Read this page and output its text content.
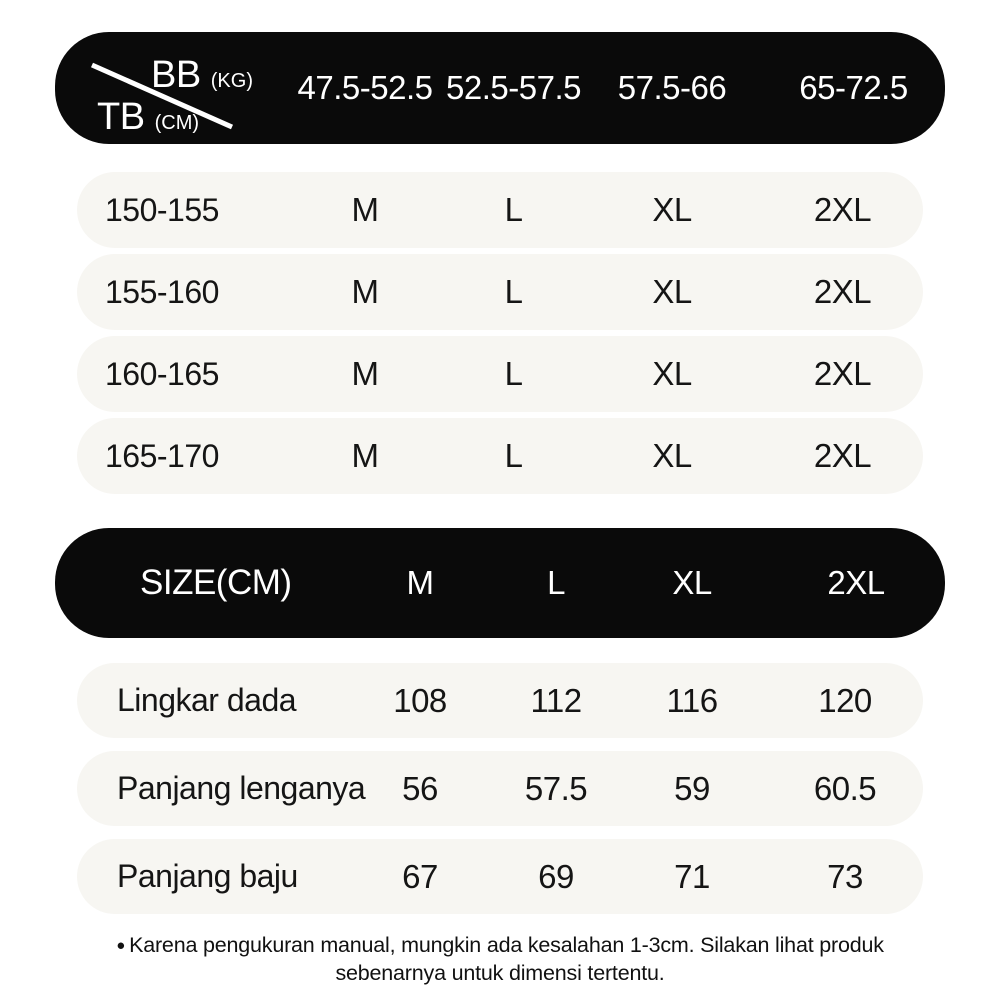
BB (KG)
TB (CM)
47.5-52.5 52.5-57.5	57.5-66	65-72.5
150-155	M	L	XL	2XL
155-160	M	L	XL	2XL
160-165	M	L	XL	2XL
165-170	M	L	XL	2XL
SIZE(CM)	M	L	XL	2XL
Lingkar dada	108	112	116	120
Panjang lenganya	56	57.5	59	60.5
Panjang baju	67	69	71	73
● Karena pengukuran manual, mungkin ada kesalahan 1-3cm. Silakan lihat produk sebenarnya untuk dimensi tertentu.
